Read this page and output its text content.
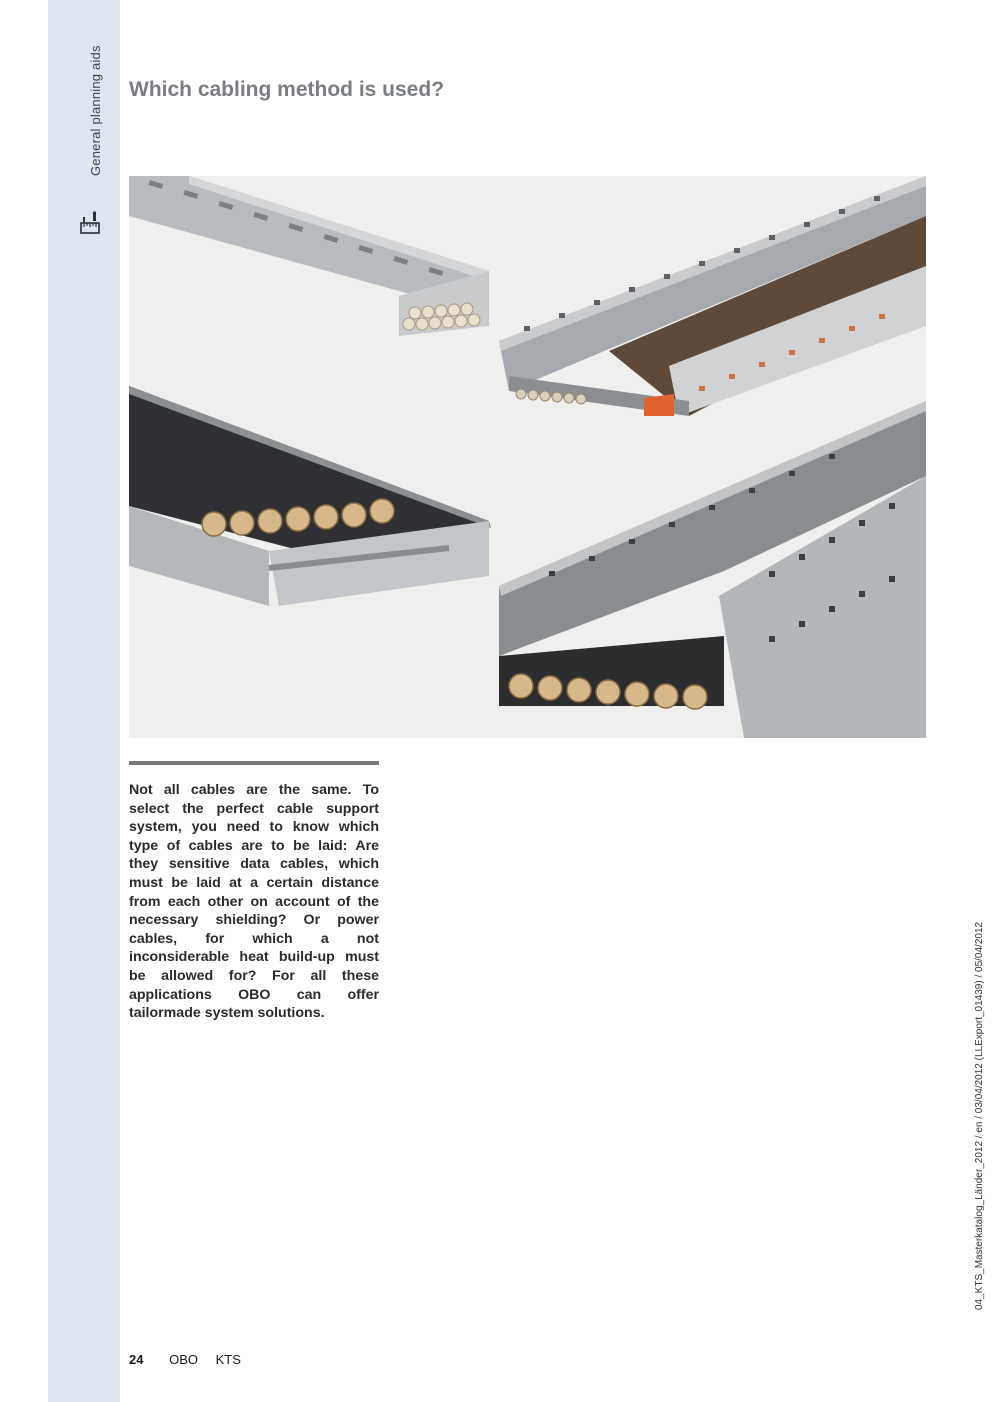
General planning aids Which cabling method is used?

Not all cables are the same. To select the perfect cable support system, you need to know which type of cables are to be laid: Are they sensitive data cables, which must be laid at a certain distance from each other on account of the necessary shielding? Or power cables, for which a not inconsiderable heat build-up must be allowed for? For all these applications OBO can offer tailormade system solutions.

24 OBO KTS
04_KTS_Masterkatalog_Länder_2012 / en / 03/04/2012 (LLExport_01439) / 05/04/2012
